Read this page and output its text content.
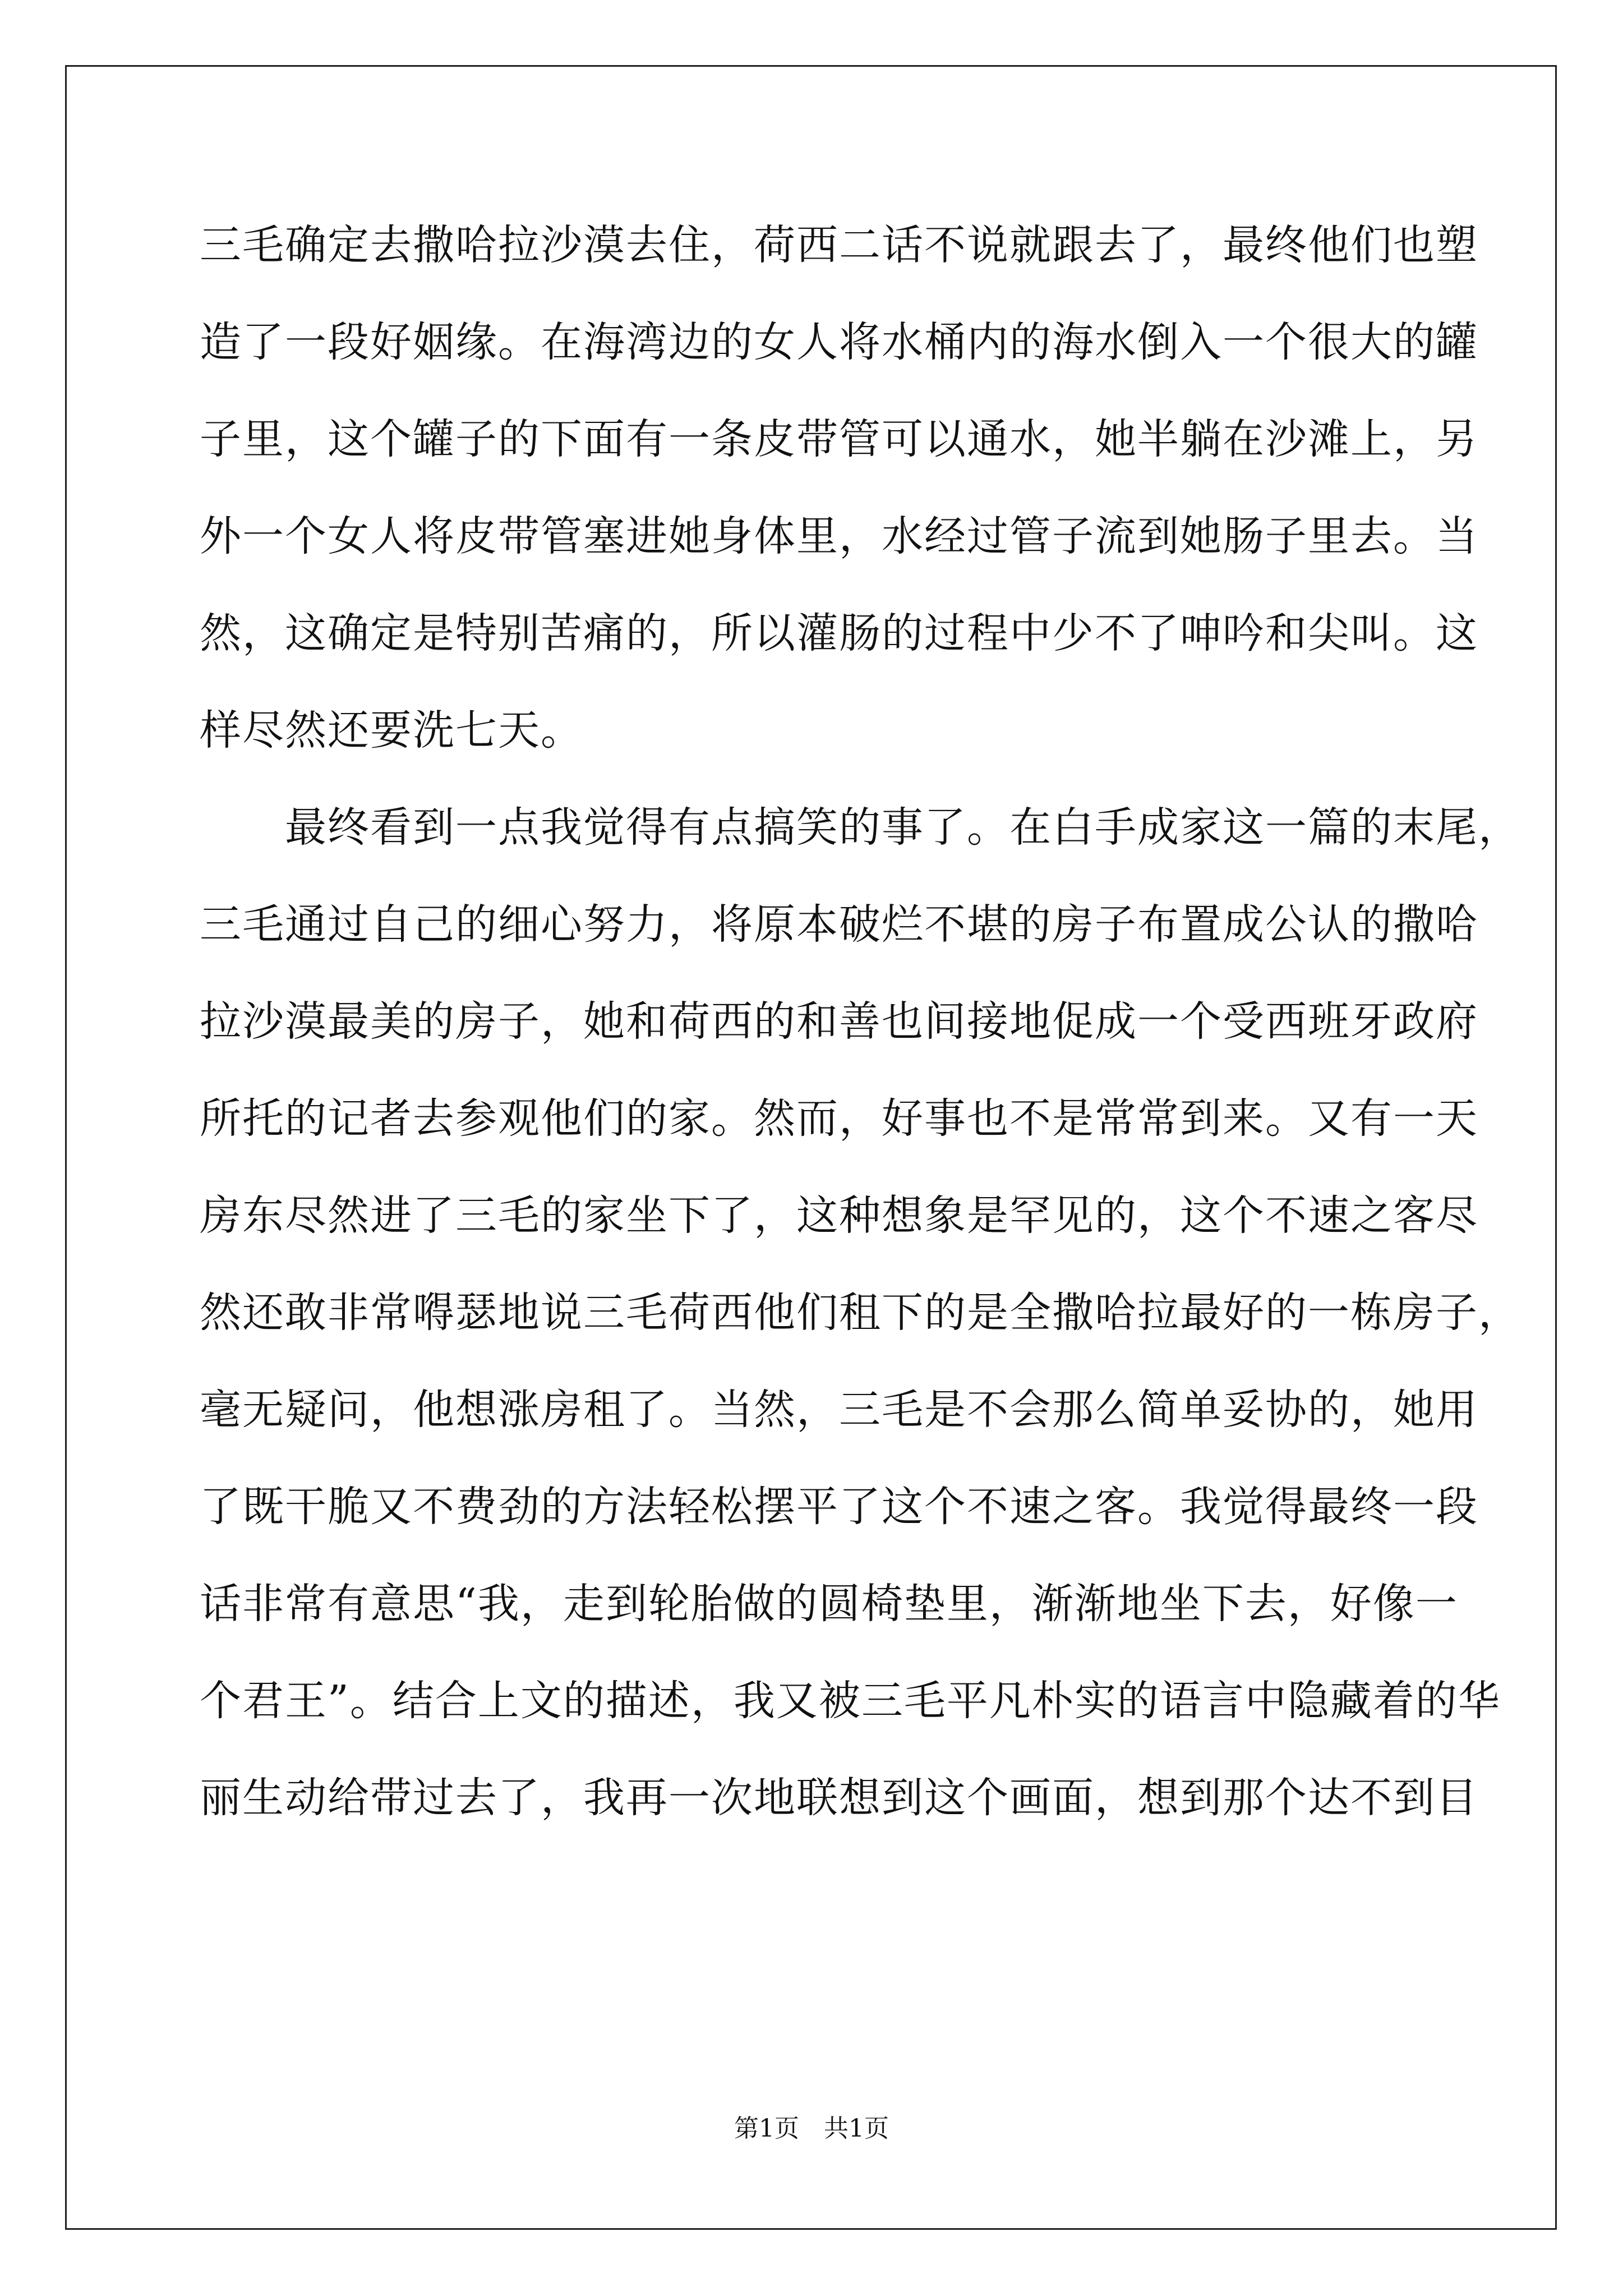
三毛确定去撒哈拉沙漠去住，荷西二话不说就跟去了，最终他们也塑
造了一段好姻缘。在海湾边的女人将水桶内的海水倒入一个很大的罐
子里，这个罐子的下面有一条皮带管可以通水，她半躺在沙滩上，另
外一个女人将皮带管塞进她身体里，水经过管子流到她肠子里去。当
然，这确定是特别苦痛的，所以灌肠的过程中少不了呻吟和尖叫。这
样尽然还要洗七天。
　　最终看到一点我觉得有点搞笑的事了。在白手成家这一篇的末尾，
三毛通过自己的细心努力，将原本破烂不堪的房子布置成公认的撒哈
拉沙漠最美的房子，她和荷西的和善也间接地促成一个受西班牙政府
所托的记者去参观他们的家。然而，好事也不是常常到来。又有一天
房东尽然进了三毛的家坐下了，这种想象是罕见的，这个不速之客尽
然还敢非常嘚瑟地说三毛荷西他们租下的是全撒哈拉最好的一栋房子，
毫无疑问，他想涨房租了。当然，三毛是不会那么简单妥协的，她用
了既干脆又不费劲的方法轻松摆平了这个不速之客。我觉得最终一段
话非常有意思“我，走到轮胎做的圆椅垫里，渐渐地坐下去，好像一
个君王”。结合上文的描述，我又被三毛平凡朴实的语言中隐藏着的华
丽生动给带过去了，我再一次地联想到这个画面，想到那个达不到目
第1页　共1页
